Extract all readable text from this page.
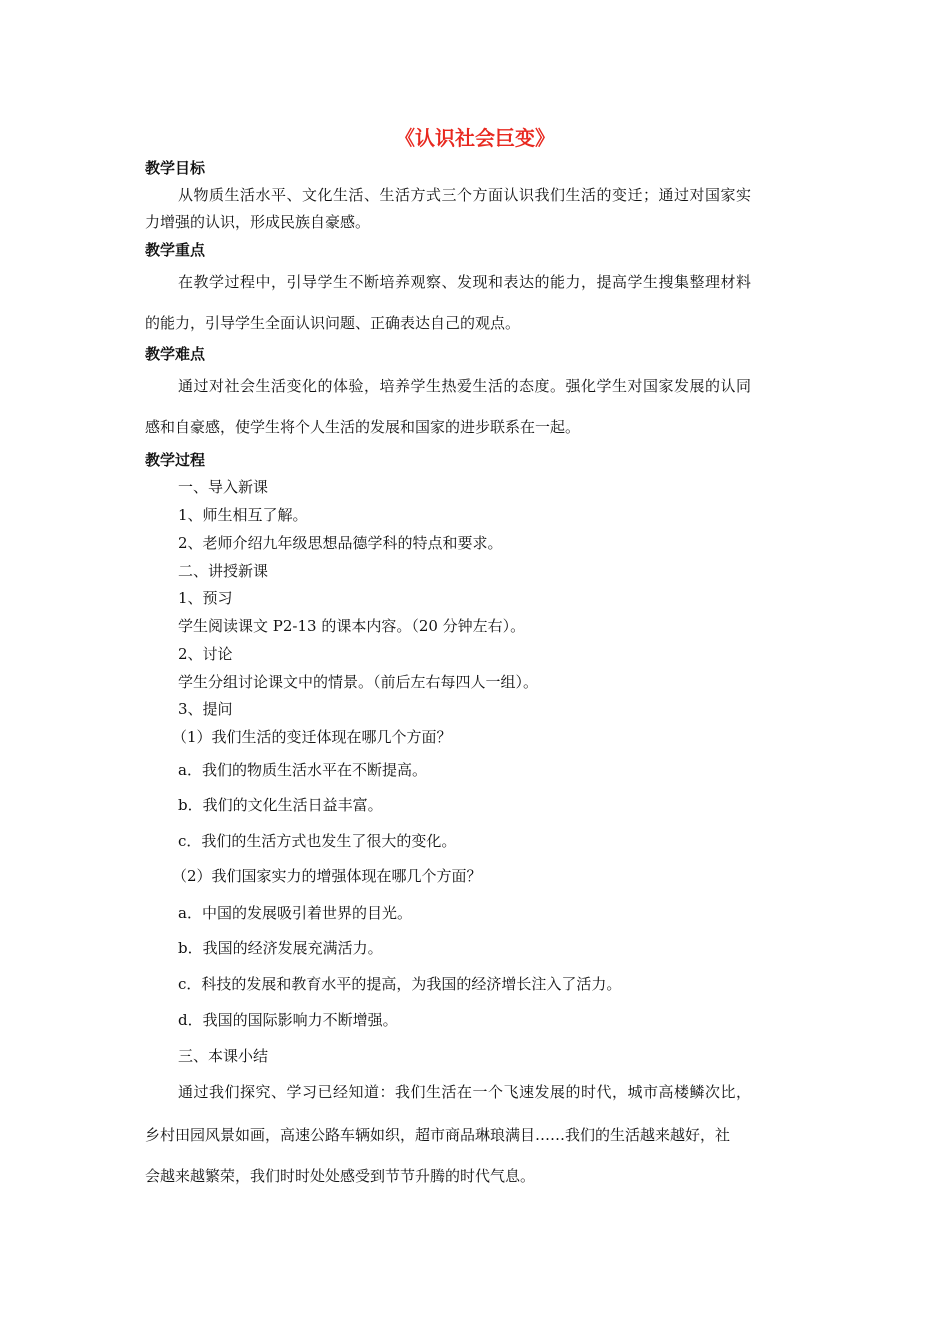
《认识社会巨变》
教学目标
从物质生活水平、文化生活、生活方式三个方面认识我们生活的变迁；通过对国家实
力增强的认识，形成民族自豪感。
教学重点
在教学过程中，引导学生不断培养观察、发现和表达的能力，提高学生搜集整理材料
的能力，引导学生全面认识问题、正确表达自己的观点。
教学难点
通过对社会生活变化的体验，培养学生热爱生活的态度。强化学生对国家发展的认同
感和自豪感，使学生将个人生活的发展和国家的进步联系在一起。
教学过程
一、导入新课
1、师生相互了解。
2、老师介绍九年级思想品德学科的特点和要求。
二、讲授新课
1、预习
学生阅读课文 P2-13 的课本内容。（20 分钟左右）。
2、讨论
学生分组讨论课文中的情景。（前后左右每四人一组）。
3、提问
（1）我们生活的变迁体现在哪几个方面？
a．我们的物质生活水平在不断提高。
b．我们的文化生活日益丰富。
c．我们的生活方式也发生了很大的变化。
（2）我们国家实力的增强体现在哪几个方面？
a．中国的发展吸引着世界的目光。
b．我国的经济发展充满活力。
c．科技的发展和教育水平的提高，为我国的经济增长注入了活力。
d．我国的国际影响力不断增强。
三、本课小结
通过我们探究、学习已经知道：我们生活在一个飞速发展的时代，城市高楼鳞次比，
乡村田园风景如画，高速公路车辆如织，超市商品琳琅满目……我们的生活越来越好，社
会越来越繁荣，我们时时处处感受到节节升腾的时代气息。
